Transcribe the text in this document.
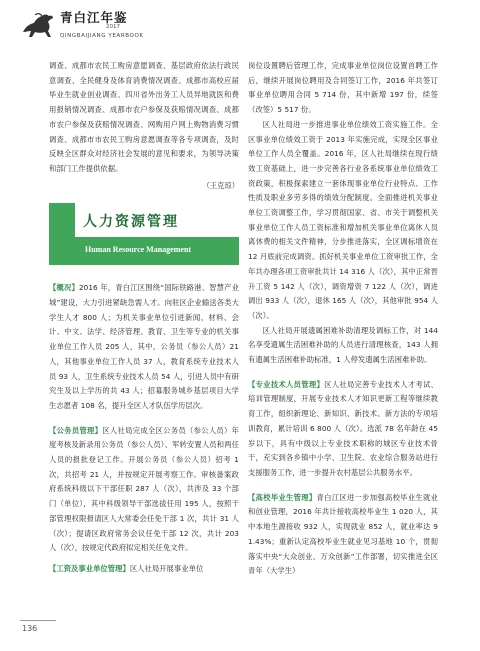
青白江年鉴
2017
QINGBAIJIANG YEARBOOK

调查、成都市农民工购房意愿调查、基层政府依法行政民意调查、全民健身及体育消费情况调查、成都市高校应届毕业生就业创业调查、四川省外出务工人员异地就医和费用报销情况调查、成都市农户参保及获赔情况调查、成都市农户参保及获赔情况调查、网购用户网上购物消费习惯调查、成都市市农民工购房意愿调查等各专项调查，及时反映全区群众对经济社会发展的意见和要求，为领导决策和部门工作提供依据。

（王克琼）

人力资源管理
Human Resource Management

【概况】2016 年，青白江区围绕“国际铁路港、智慧产业城”建设，大力引进紧缺急需人才。向驻区企业输送各类大学生人才 800 人；为机关事业单位引进新闻、材料、会计、中文、法学、经济管理、教育、卫生等专业的机关事业单位工作人员 205 人，其中，公务员（参公人员）21 人，其他事业单位工作人员 37 人，教育系统专业技术人员 93 人，卫生系统专业技术人员 54 人，引进人员中有研究生及以上学历的共 43 人；招募服务城乡基层项目大学生志愿者 108 名，提升全区人才队伍学历层次。

【公务员管理】区人社局完成全区公务员（参公人员）年度考核及新录用公务员（参公人员）、军转安置人员和两任人员的报批登记工作。开展公务员（参公人员）招考 1 次，共招考 21 人，并按规定开展考察工作。审核备案政府系统科级以下干部任职 287 人（次），共涉及 33 个部门（单位），其中科级领导干部选拔任用 195 人，按照干部管理权限报请区人大常委会任免干部 1 次，共计 31 人（次）；提请区政府常务会议任免干部 12 次，共计 203 人（次），按规定代政府拟定相关任免文件。

【工资及事业单位管理】区人社局开展事业单位

岗位设置聘后管理工作，完成事业单位岗位设置首聘工作后，继续开展岗位聘用及合同签订工作，2016 年共签订事业单位聘用合同 5 714 份，其中新增 197 份，续签（改签）5 517 份。

区人社局进一步推进事业单位绩效工资实施工作。全区事业单位绩效工资于 2013 年实施完成，实现全区事业单位工作人员全覆盖。2016 年，区人社局继续在现行绩效工资基础上，进一步完善各行业各系统事业单位绩效工资政策，积极探索建立一套体现事业单位行业特点、工作性质及职业多劳多得的绩效分配制度。全面推进机关事业单位工资调整工作，学习贯彻国家、省、市关于调整机关事业单位工作人员工资标准和增加机关事业单位离休人员离休费的相关文件精神，分步推进落实，全区调标增资在 12 月底前完成调资。抓好机关事业单位工资审批工作，全年共办理各项工资审批共计 14 316 人（次），其中正常晋升工资 5 142 人（次），调资增资 7 122 人（次），调进调出 933 人（次），退休 165 人（次），其他审批 954 人（次）。

区人社局开展遗属困难补助清理及调标工作，对 144 名享受遗属生活困难补助的人员进行清理核查，143 人拥有遗属生活困难补助标准，1 人停发遗属生活困难补助。

【专业技术人员管理】区人社局完善专业技术人才考试、培训管理制度，开展专业技术人才知识更新工程等继续教育工作，组织新理论、新知识、新技术、新方法的专项培训教育，累计培训 6 800 人（次）。选派 78 名年龄在 45 岁以下，具有中级以上专业技术职称的城区专业技术骨干，充实到各乡镇中小学、卫生院、农业综合服务站进行支援服务工作，进一步提升农村基层公共服务水平。

【高校毕业生管理】青白江区进一步加强高校毕业生就业和创业管理，2016 年共计接收高校毕业生 1 020 人，其中本地生源接收 932 人，实现就业 852 人，就业率达 91.43%；重新认定高校毕业生就业见习基地 10 个，贯彻落实中央“大众创业、万众创新”工作部署，切实推进全区青年（大学生）

136
